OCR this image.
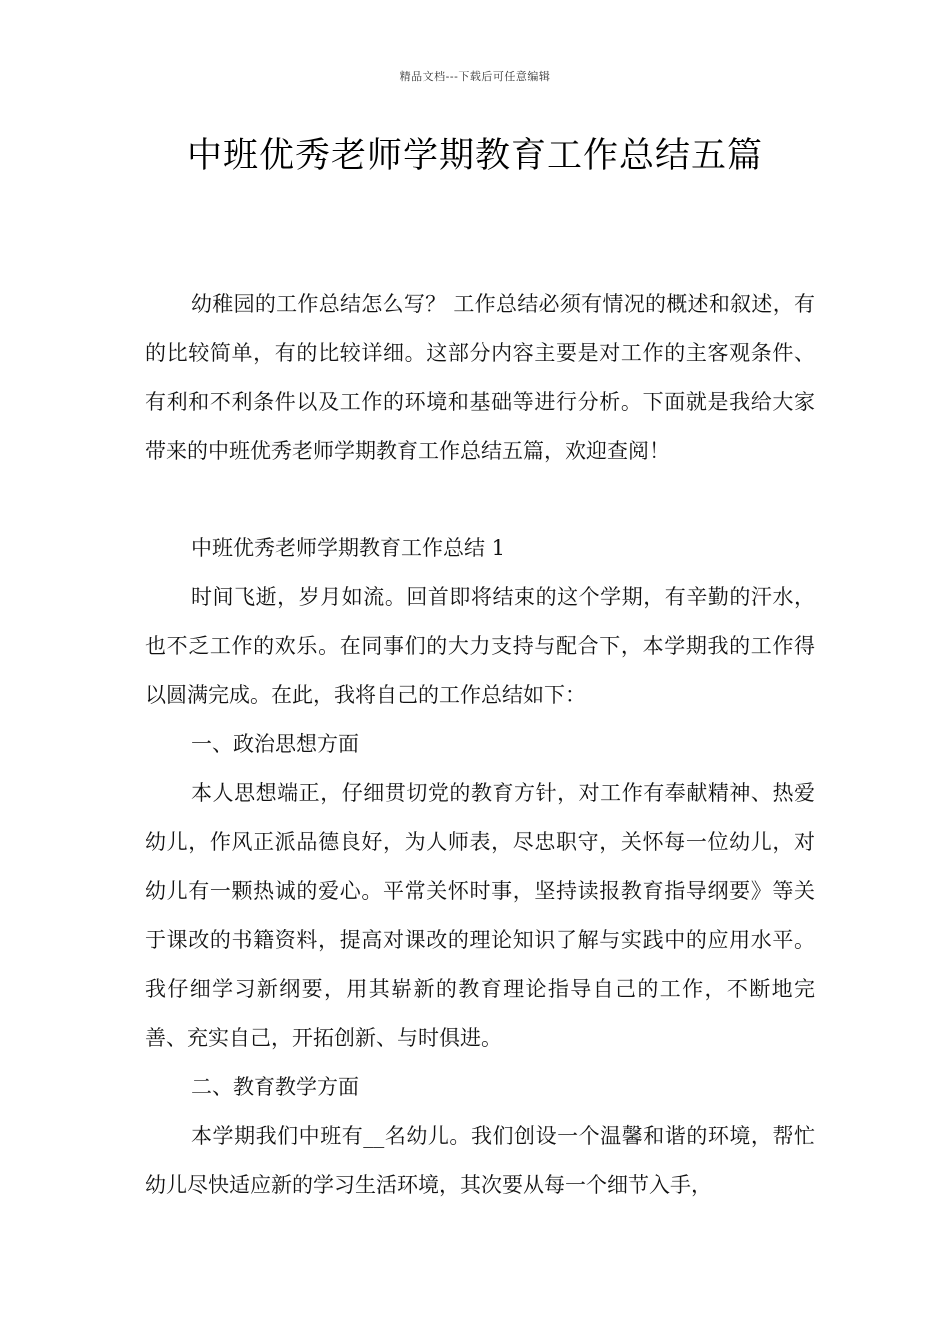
精品文档---下载后可任意编辑
中班优秀老师学期教育工作总结五篇

幼稚园的工作总结怎么写？ 工作总结必须有情况的概述和叙述，有的比较简单，有的比较详细。这部分内容主要是对工作的主客观条件、有利和不利条件以及工作的环境和基础等进行分析。下面就是我给大家带来的中班优秀老师学期教育工作总结五篇，欢迎查阅！

中班优秀老师学期教育工作总结 1

时间飞逝，岁月如流。回首即将结束的这个学期，有辛勤的汗水，也不乏工作的欢乐。在同事们的大力支持与配合下，本学期我的工作得以圆满完成。在此，我将自己的工作总结如下：

一、政治思想方面

本人思想端正，仔细贯切党的教育方针，对工作有奉献精神、热爱幼儿，作风正派品德良好，为人师表，尽忠职守，关怀每一位幼儿，对幼儿有一颗热诚的爱心。平常关怀时事，坚持读报教育指导纲要》等关于课改的书籍资料，提高对课改的理论知识了解与实践中的应用水平。我仔细学习新纲要，用其崭新的教育理论指导自己的工作，不断地完善、充实自己，开拓创新、与时俱进。

二、教育教学方面

本学期我们中班有__名幼儿。我们创设一个温馨和谐的环境，帮忙幼儿尽快适应新的学习生活环境，其次要从每一个细节入手，
